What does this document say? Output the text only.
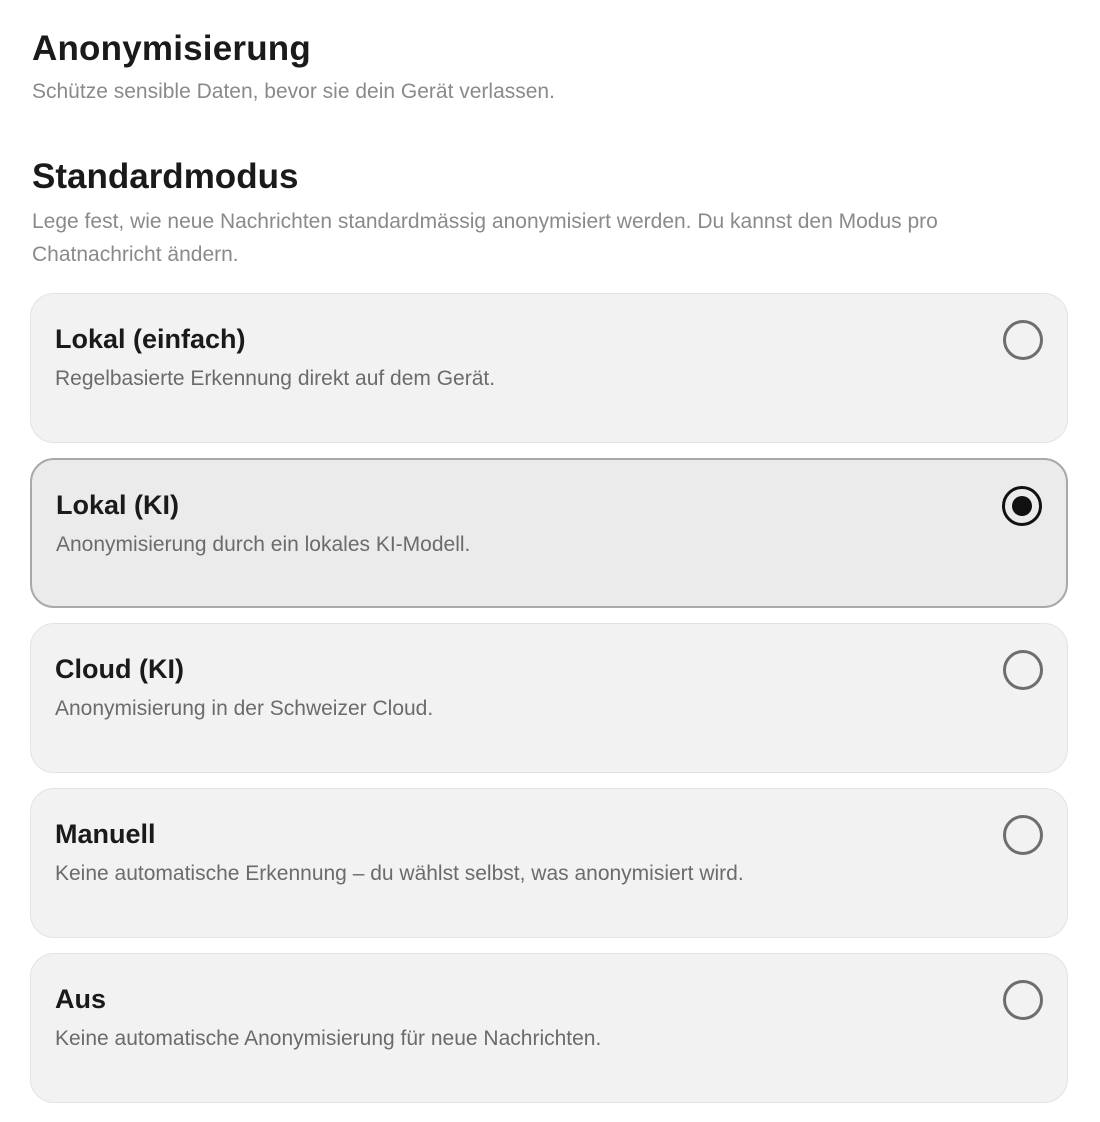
Anonymisierung

Schütze sensible Daten, bevor sie dein Gerät verlassen.

Standardmodus

Lege fest, wie neue Nachrichten standardmässig anonymisiert werden. Du kannst den Modus pro Chatnachricht ändern.

Lokal (einfach)
Regelbasierte Erkennung direkt auf dem Gerät.
Lokal (KI)
Anonymisierung durch ein lokales KI-Modell.
Cloud (KI)
Anonymisierung in der Schweizer Cloud.
Manuell
Keine automatische Erkennung – du wählst selbst, was anonymisiert wird.
Aus
Keine automatische Anonymisierung für neue Nachrichten.
